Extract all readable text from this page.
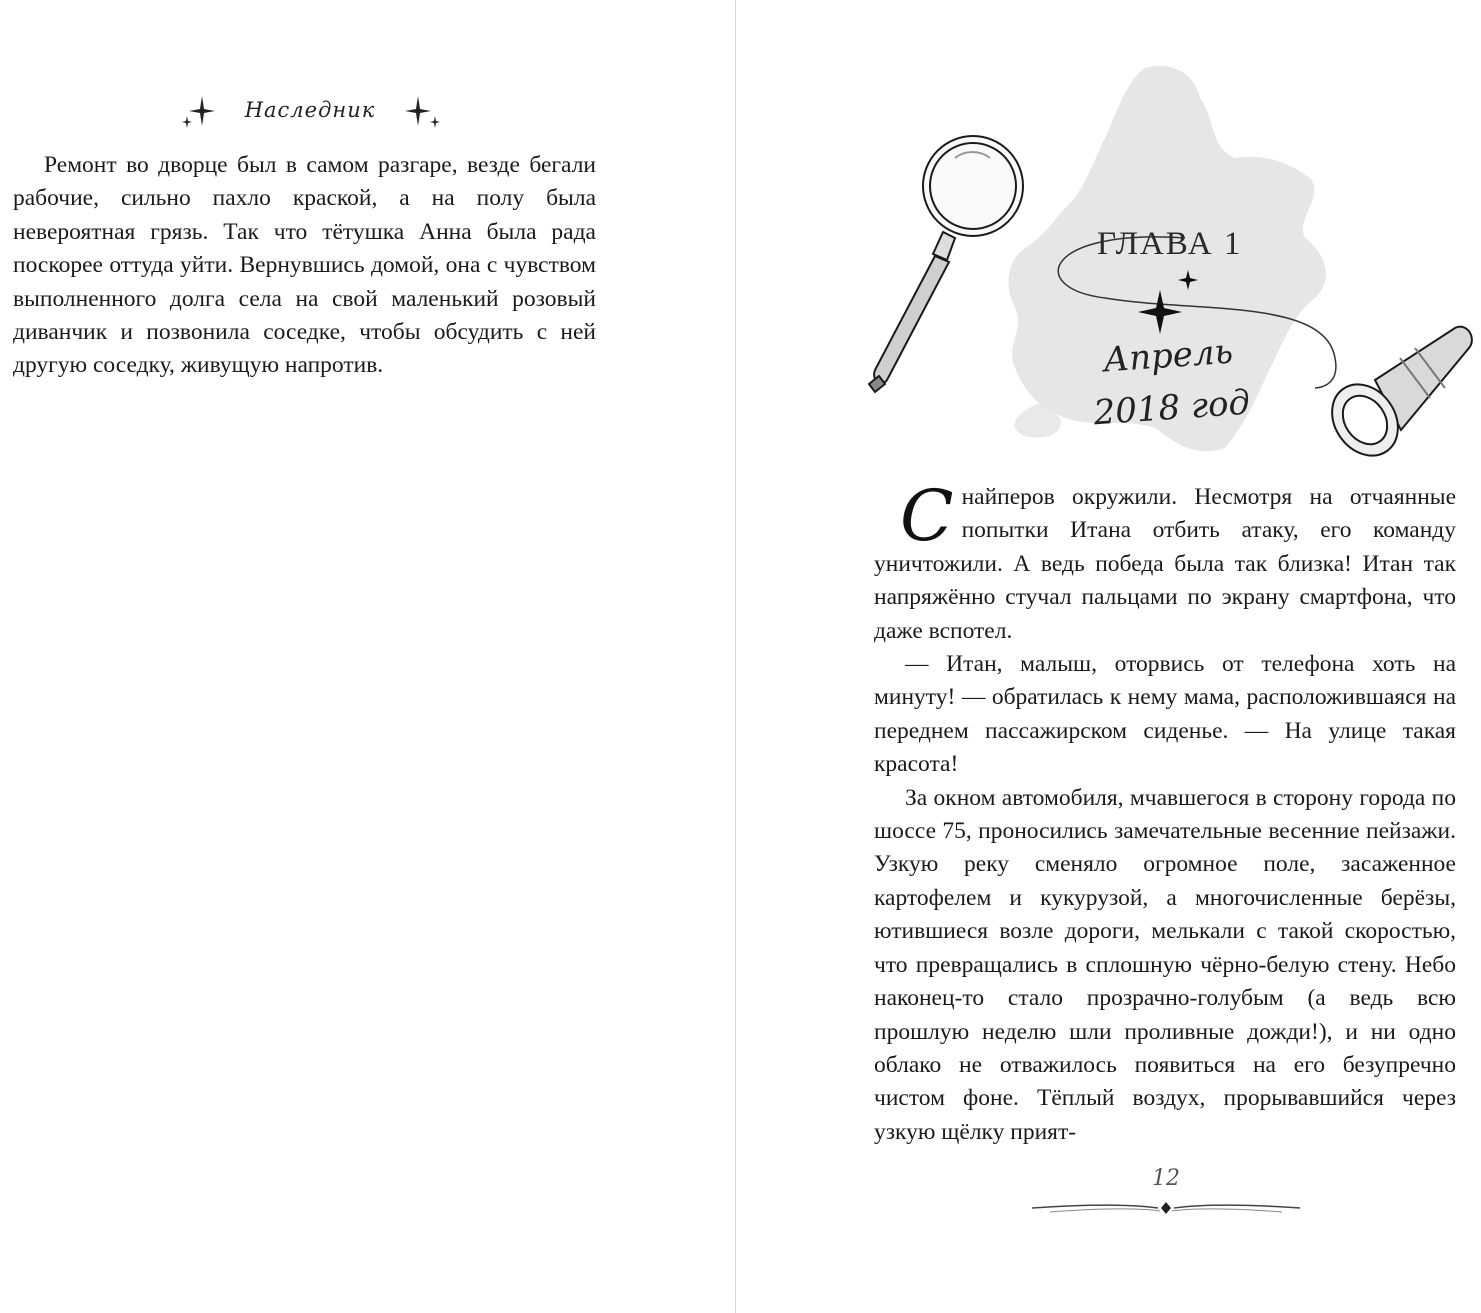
Наследник

Ремонт во дворце был в самом разгаре, везде бегали рабочие, сильно пахло краской, а на полу была невероятная грязь. Так что тётушка Анна была рада поскорее оттуда уйти. Вернувшись домой, она с чувством выполненного долга села на свой маленький розовый диванчик и позвонила соседке, чтобы обсудить с ней другую соседку, живущую напротив.

ГЛАВА 1
Апрель
2018 год

Снайперов окружили. Несмотря на отчаянные попытки Итана отбить атаку, его команду уничтожили. А ведь победа была так близка! Итан так напряжённо стучал пальцами по экрану смартфона, что даже вспотел.

— Итан, малыш, оторвись от телефона хоть на минуту! — обратилась к нему мама, расположившаяся на переднем пассажирском сиденье. — На улице такая красота!

За окном автомобиля, мчавшегося в сторону города по шоссе 75, проносились замечательные весенние пейзажи. Узкую реку сменяло огромное поле, засаженное картофелем и кукурузой, а многочисленные берёзы, ютившиеся возле дороги, мелькали с такой скоростью, что превращались в сплошную чёрно-белую стену. Небо наконец-то стало прозрачно-голубым (а ведь всю прошлую неделю шли проливные дожди!), и ни одно облако не отважилось появиться на его безупречно чистом фоне. Тёплый воздух, прорывавшийся через узкую щёлку прият-

12
